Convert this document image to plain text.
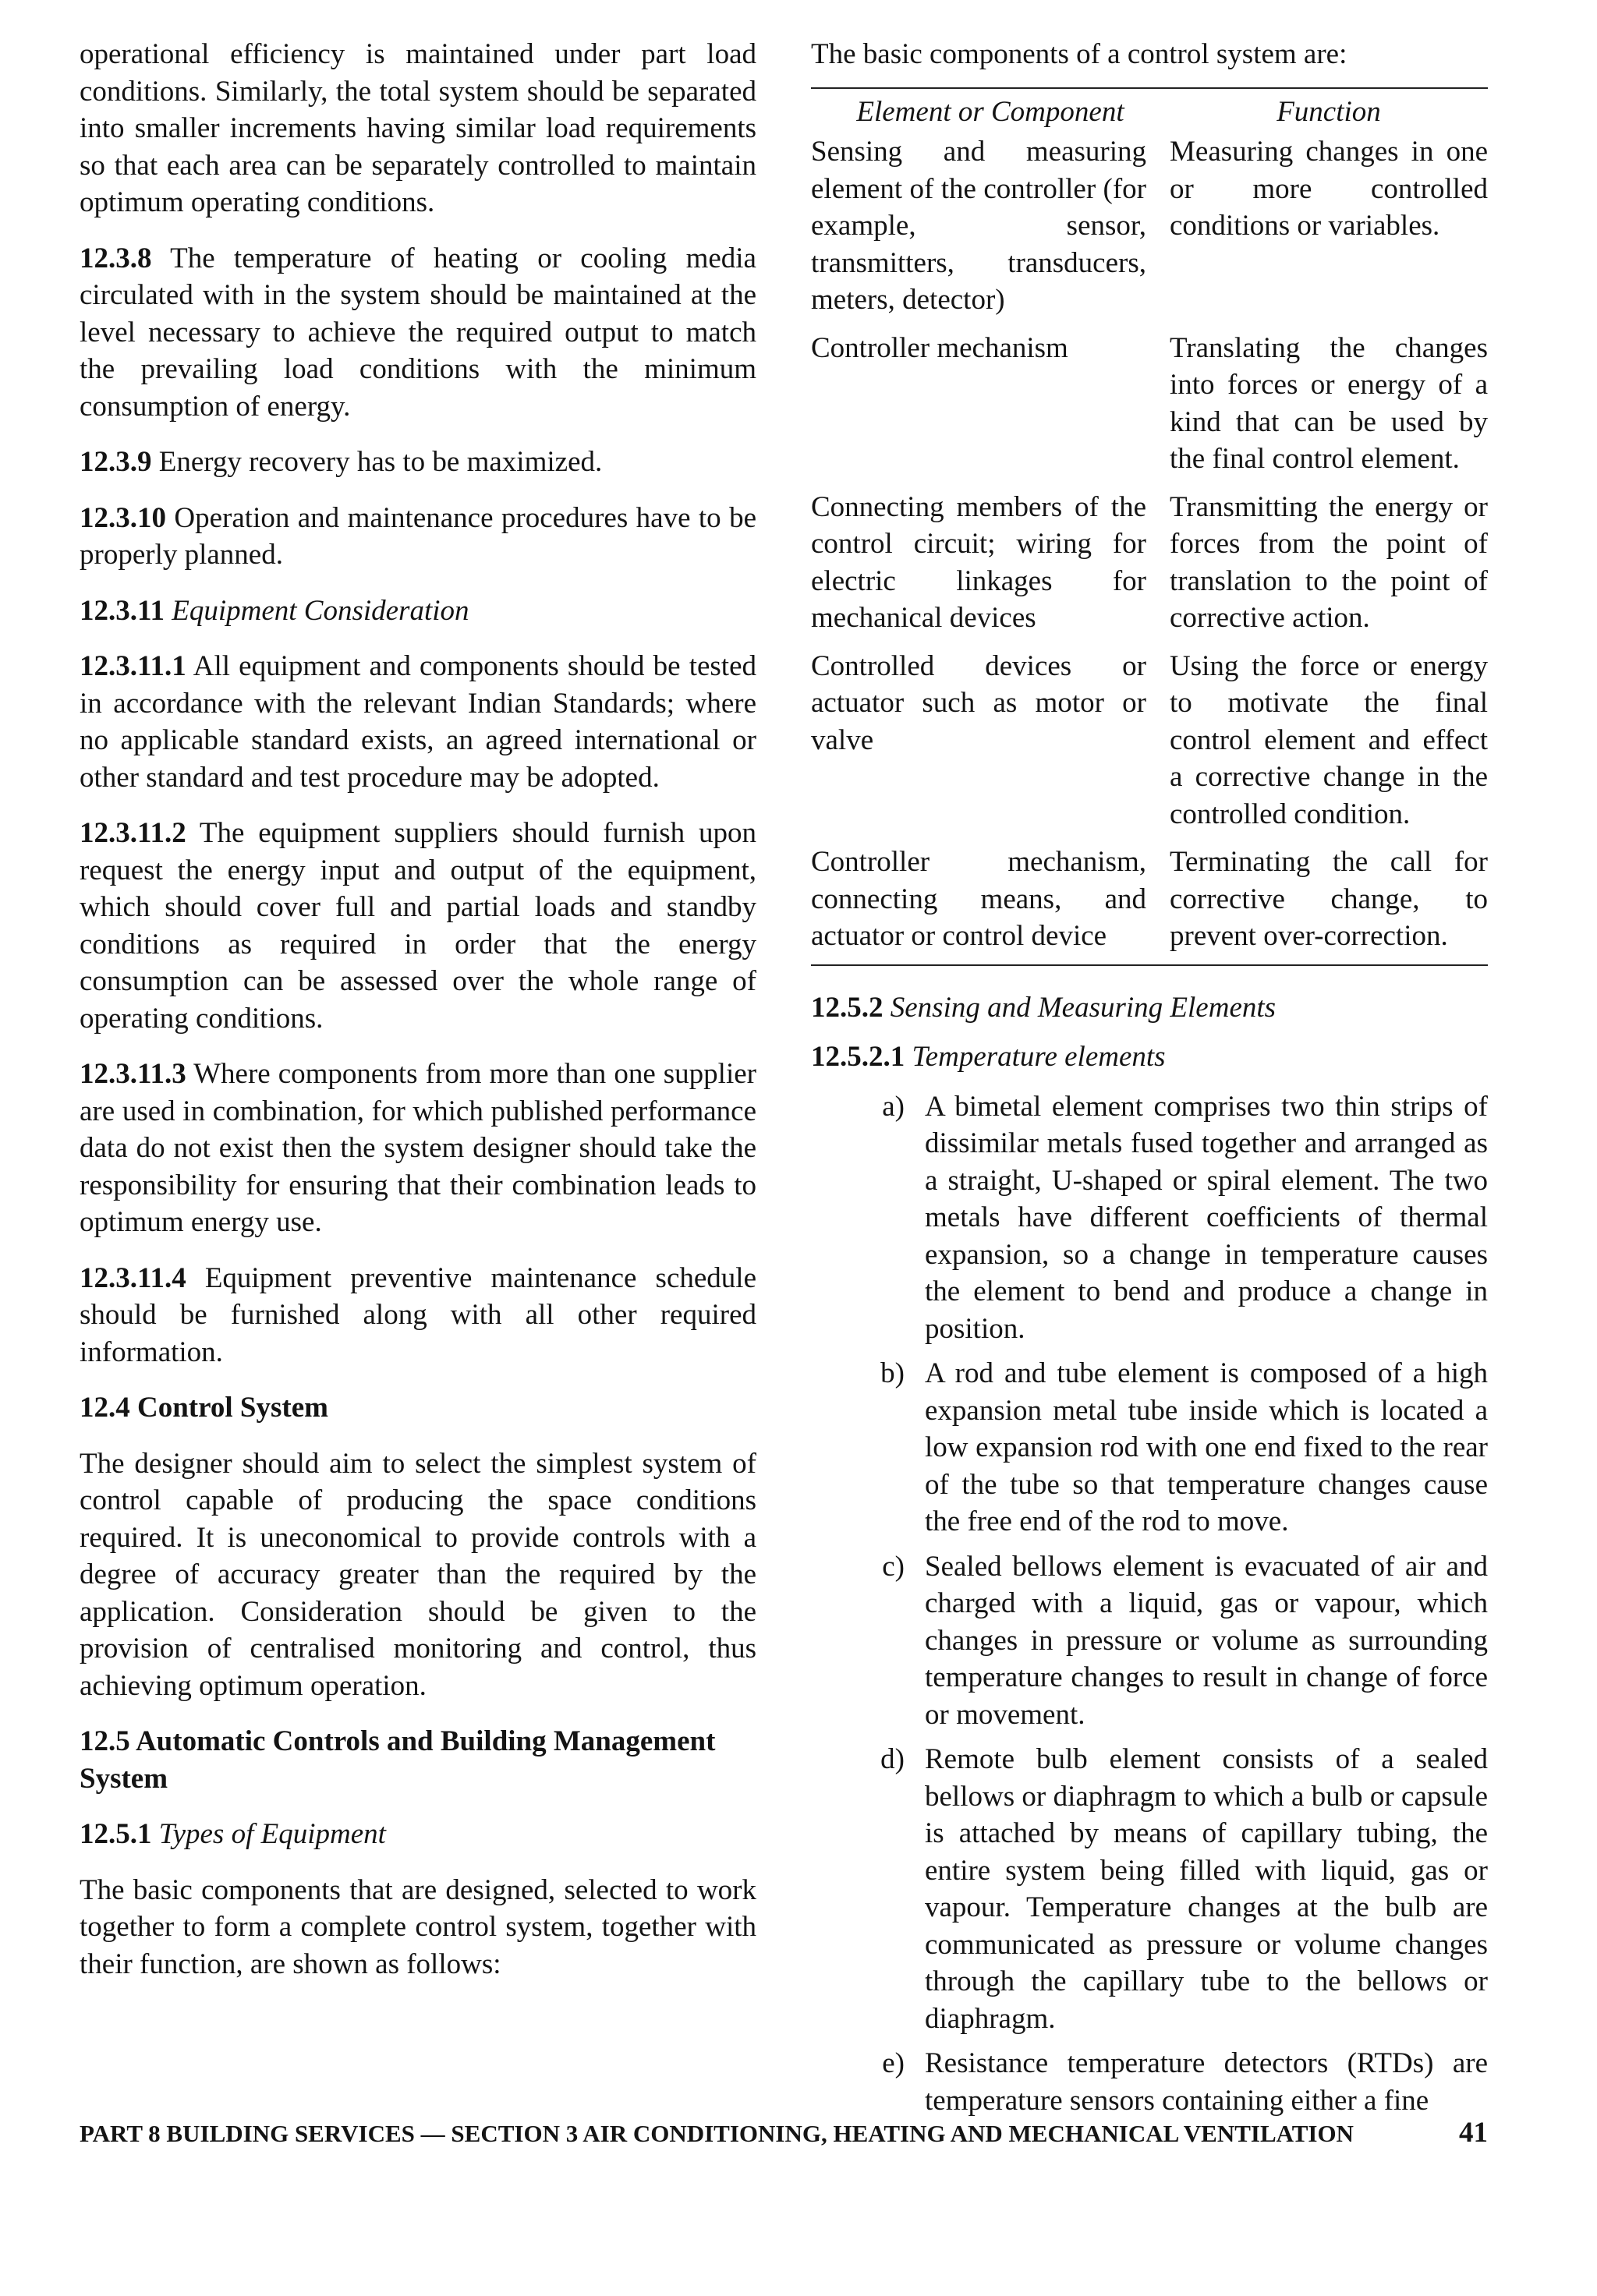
operational efficiency is maintained under part load conditions. Similarly, the total system should be separated into smaller increments having similar load requirements so that each area can be separately controlled to maintain optimum operating conditions.

12.3.8 The temperature of heating or cooling media circulated with in the system should be maintained at the level necessary to achieve the required output to match the prevailing load conditions with the minimum consumption of energy.

12.3.9 Energy recovery has to be maximized.

12.3.10 Operation and maintenance procedures have to be properly planned.

12.3.11 Equipment Consideration

12.3.11.1 All equipment and components should be tested in accordance with the relevant Indian Standards; where no applicable standard exists, an agreed international or other standard and test procedure may be adopted.

12.3.11.2 The equipment suppliers should furnish upon request the energy input and output of the equipment, which should cover full and partial loads and standby conditions as required in order that the energy consumption can be assessed over the whole range of operating conditions.

12.3.11.3 Where components from more than one supplier are used in combination, for which published performance data do not exist then the system designer should take the responsibility for ensuring that their combination leads to optimum energy use.

12.3.11.4 Equipment preventive maintenance schedule should be furnished along with all other required information.

12.4 Control System

The designer should aim to select the simplest system of control capable of producing the space conditions required. It is uneconomical to provide controls with a degree of accuracy greater than the required by the application. Consideration should be given to the provision of centralised monitoring and control, thus achieving optimum operation.

12.5 Automatic Controls and Building Management System

12.5.1 Types of Equipment

The basic components that are designed, selected to work together to form a complete control system, together with their function, are shown as follows:

The basic components of a control system are:

Element or Component	Function
Sensing and measuring element of the controller (for example, sensor, transmitters, transducers, meters, detector)	Measuring changes in one or more controlled conditions or variables.
Controller mechanism	Translating the changes into forces or energy of a kind that can be used by the final control element.
Connecting members of the control circuit; wiring for electric linkages for mechanical devices	Transmitting the energy or forces from the point of translation to the point of corrective action.
Controlled devices or actuator such as motor or valve	Using the force or energy to motivate the final control element and effect a corrective change in the controlled condition.
Controller mechanism, connecting means, and actuator or control device	Terminating the call for corrective change, to prevent over-correction.

12.5.2 Sensing and Measuring Elements

12.5.2.1 Temperature elements

a) A bimetal element comprises two thin strips of dissimilar metals fused together and arranged as a straight, U-shaped or spiral element. The two metals have different coefficients of thermal expansion, so a change in temperature causes the element to bend and produce a change in position.
b) A rod and tube element is composed of a high expansion metal tube inside which is located a low expansion rod with one end fixed to the rear of the tube so that temperature changes cause the free end of the rod to move.
c) Sealed bellows element is evacuated of air and charged with a liquid, gas or vapour, which changes in pressure or volume as surrounding temperature changes to result in change of force or movement.
d) Remote bulb element consists of a sealed bellows or diaphragm to which a bulb or capsule is attached by means of capillary tubing, the entire system being filled with liquid, gas or vapour. Temperature changes at the bulb are communicated as pressure or volume changes through the capillary tube to the bellows or diaphragm.
e) Resistance temperature detectors (RTDs) are temperature sensors containing either a fine
PART 8 BUILDING SERVICES — SECTION 3 AIR CONDITIONING, HEATING AND MECHANICAL VENTILATION	41
